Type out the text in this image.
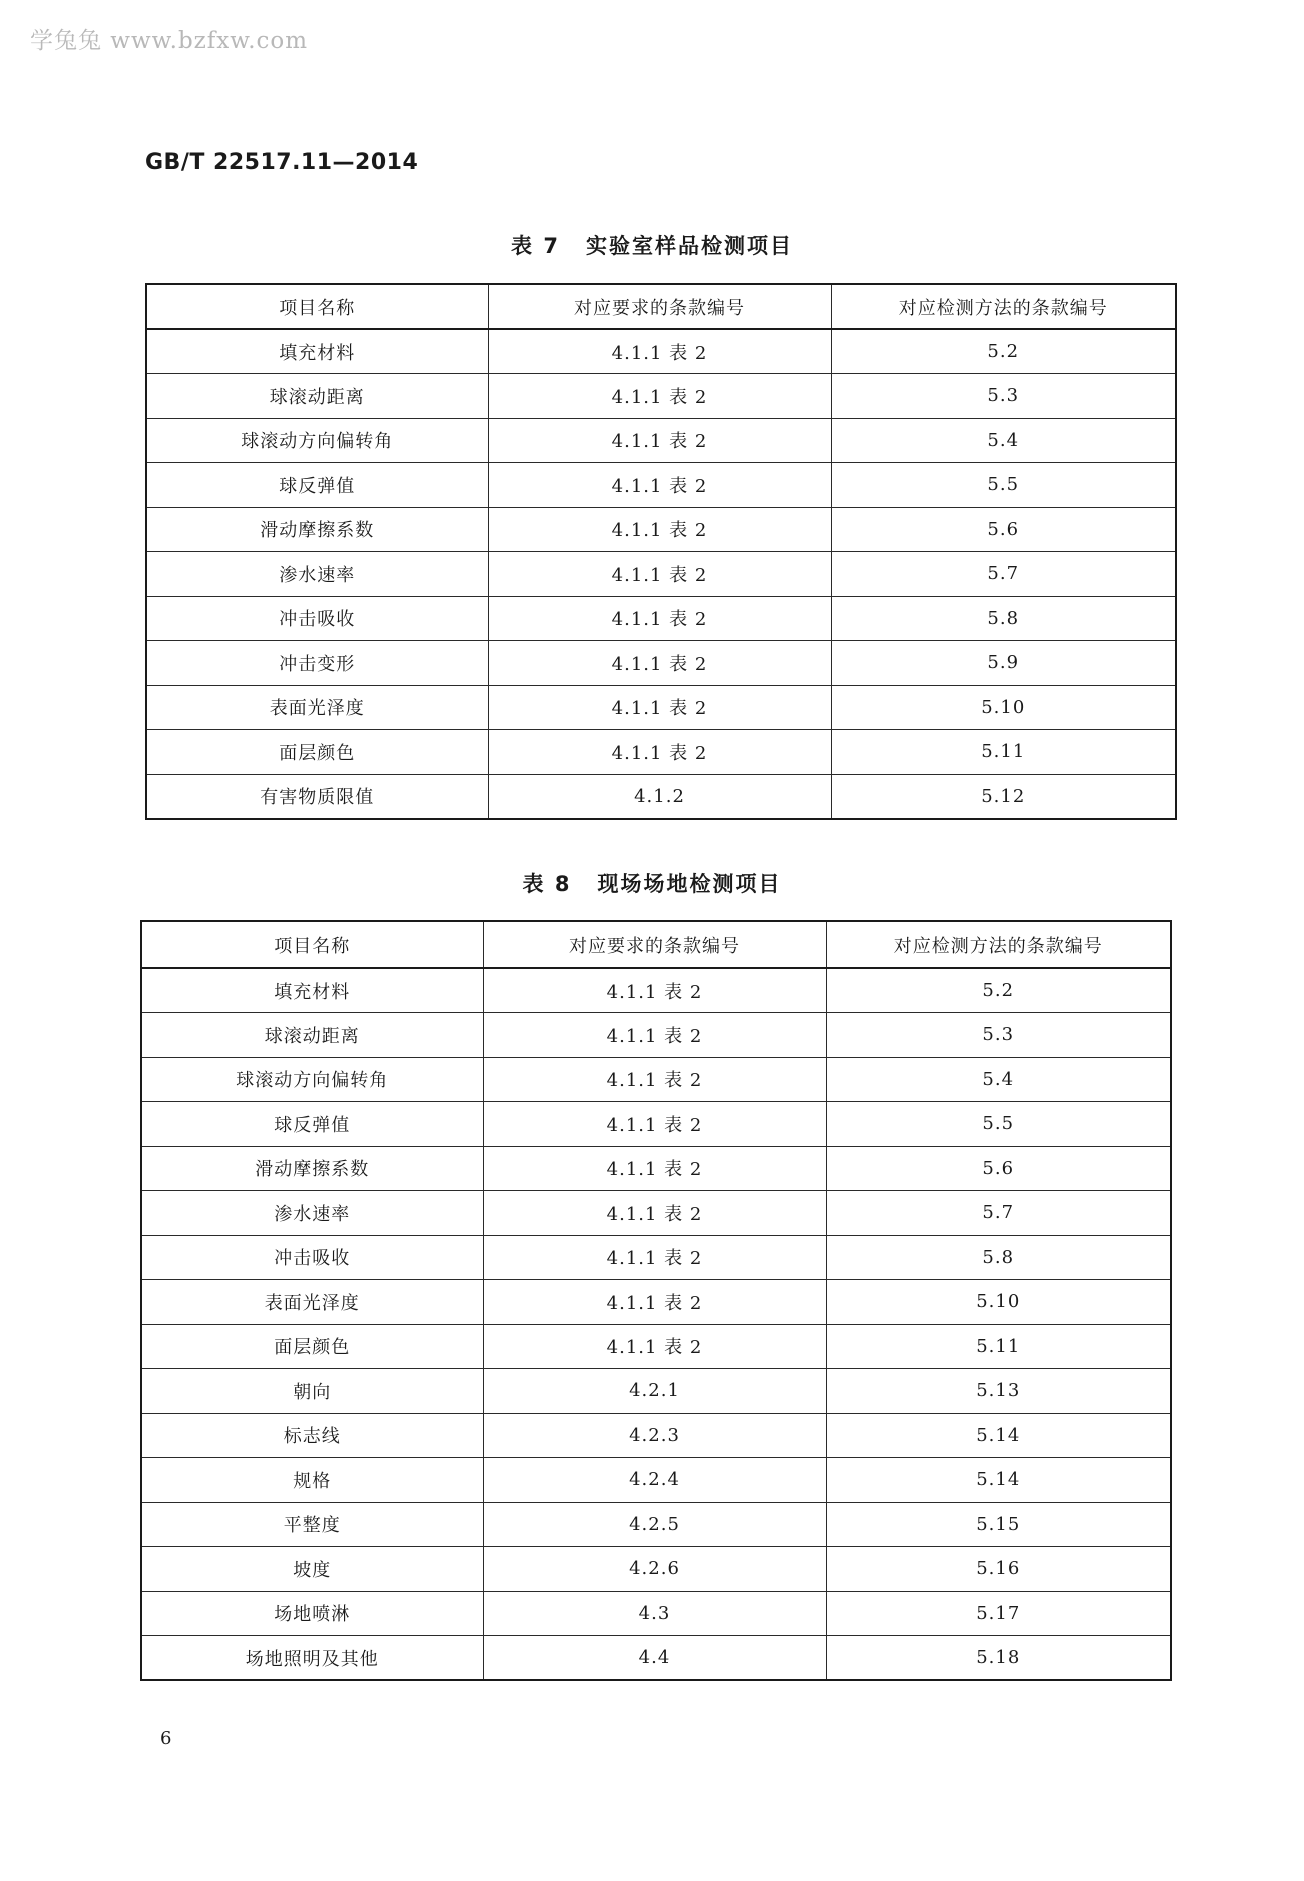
学兔兔 www.bzfxw.com
GB/T 22517.11—2014
表 7 实验室样品检测项目
项目名称	对应要求的条款编号	对应检测方法的条款编号
填充材料	4.1.1 表 2	5.2
球滚动距离	4.1.1 表 2	5.3
球滚动方向偏转角	4.1.1 表 2	5.4
球反弹值	4.1.1 表 2	5.5
滑动摩擦系数	4.1.1 表 2	5.6
渗水速率	4.1.1 表 2	5.7
冲击吸收	4.1.1 表 2	5.8
冲击变形	4.1.1 表 2	5.9
表面光泽度	4.1.1 表 2	5.10
面层颜色	4.1.1 表 2	5.11
有害物质限值	4.1.2	5.12
表 8 现场场地检测项目
项目名称	对应要求的条款编号	对应检测方法的条款编号
填充材料	4.1.1 表 2	5.2
球滚动距离	4.1.1 表 2	5.3
球滚动方向偏转角	4.1.1 表 2	5.4
球反弹值	4.1.1 表 2	5.5
滑动摩擦系数	4.1.1 表 2	5.6
渗水速率	4.1.1 表 2	5.7
冲击吸收	4.1.1 表 2	5.8
表面光泽度	4.1.1 表 2	5.10
面层颜色	4.1.1 表 2	5.11
朝向	4.2.1	5.13
标志线	4.2.3	5.14
规格	4.2.4	5.14
平整度	4.2.5	5.15
坡度	4.2.6	5.16
场地喷淋	4.3	5.17
场地照明及其他	4.4	5.18
6
